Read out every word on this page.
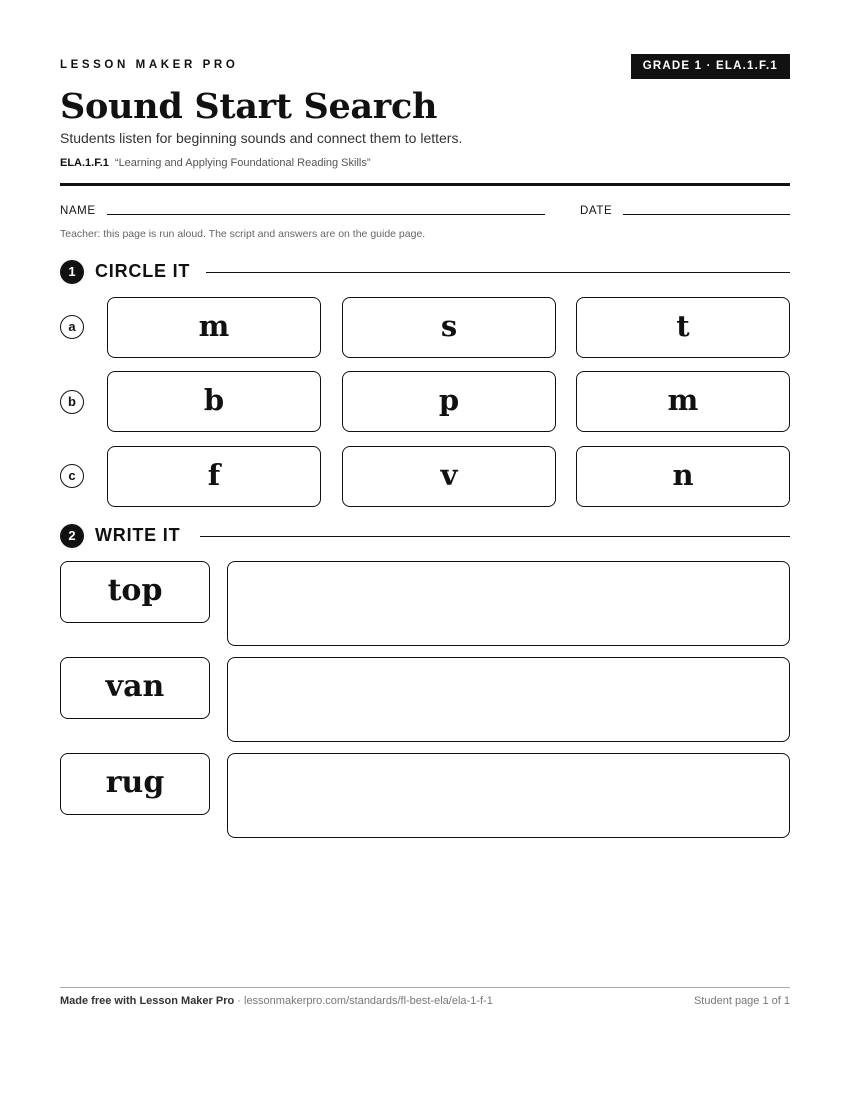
LESSON MAKER PRO	GRADE 1 · ELA.1.F.1
Sound Start Search
Students listen for beginning sounds and connect them to letters.
ELA.1.F.1 “Learning and Applying Foundational Reading Skills”
NAME	DATE
Teacher: this page is run aloud. The script and answers are on the guide page.
1	CIRCLE IT
a	m	s	t
b	b	p	m
c	f	v	n
2	WRITE IT
top
van
rug
Made free with Lesson Maker Pro · lessonmakerpro.com/standards/fl-best-ela/ela-1-f-1	Student page 1 of 1
